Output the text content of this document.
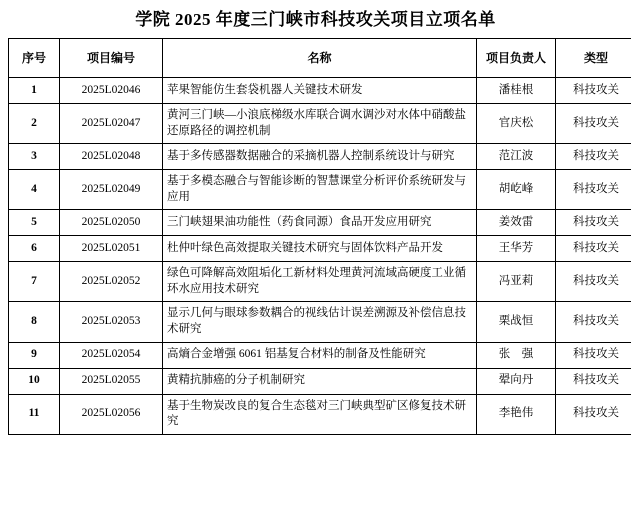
学院 2025 年度三门峡市科技攻关项目立项名单
序号	项目编号	名称	项目负责人	类型
1	2025L02046	苹果智能仿生套袋机器人关键技术研发	潘桂根	科技攻关
2	2025L02047	黄河三门峡—小浪底梯级水库联合调水调沙对水体中硝酸盐还原路径的调控机制	官庆松	科技攻关
3	2025L02048	基于多传感器数据融合的采摘机器人控制系统设计与研究	范江波	科技攻关
4	2025L02049	基于多模态融合与智能诊断的智慧课堂分析评价系统研发与应用	胡屹峰	科技攻关
5	2025L02050	三门峡翅果油功能性（药食同源）食品开发应用研究	姜效雷	科技攻关
6	2025L02051	杜仲叶绿色高效提取关键技术研究与固体饮料产品开发	王华芳	科技攻关
7	2025L02052	绿色可降解高效阻垢化工新材料处理黄河流域高硬度工业循环水应用技术研究	冯亚莉	科技攻关
8	2025L02053	显示几何与眼球参数耦合的视线估计误差溯源及补偿信息技术研究	栗战恒	科技攻关
9	2025L02054	高熵合金增强 6061 铝基复合材料的制备及性能研究	张　强	科技攻关
10	2025L02055	黄精抗肺癌的分子机制研究	翚向丹	科技攻关
11	2025L02056	基于生物炭改良的复合生态毯对三门峡典型矿区修复技术研究	李艳伟	科技攻关
